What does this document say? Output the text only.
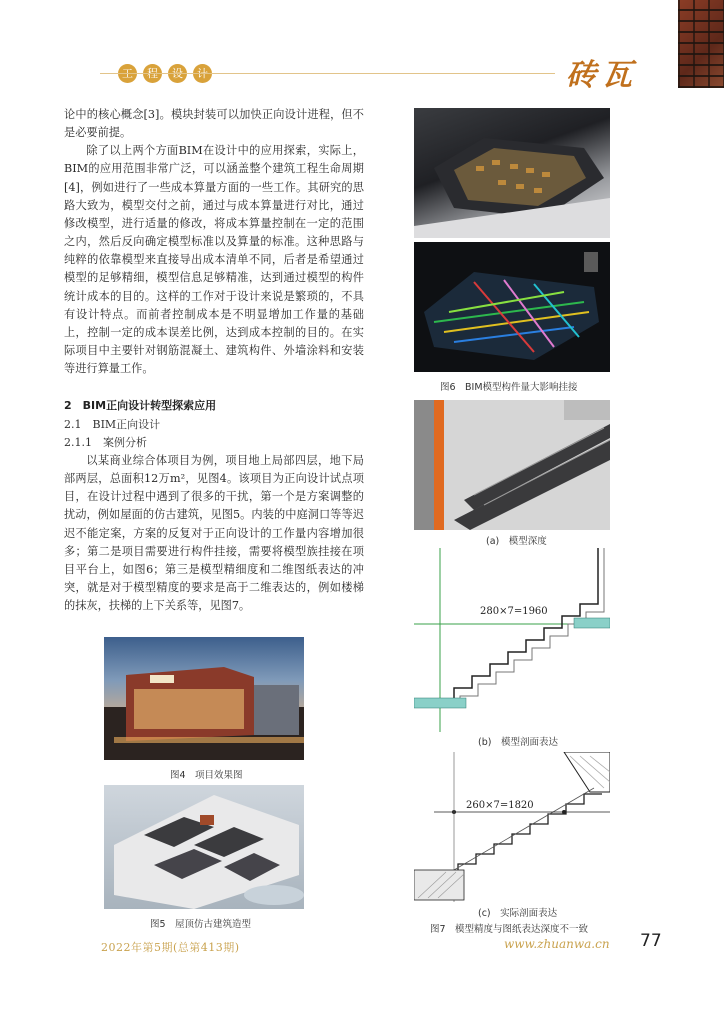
砖瓦

论中的核心概念[3]。模块封装可以加快正向设计进程，但不是必要前提。

除了以上两个方面BIM在设计中的应用探索，实际上，BIM的应用范围非常广泛，可以涵盖整个建筑工程生命周期[4]，例如进行了一些成本算量方面的一些工作。其研究的思路大致为，模型交付之前，通过与成本算量进行对比，通过修改模型，进行适量的修改，将成本算量控制在一定的范围之内，然后反向确定模型标准以及算量的标准。这种思路与纯粹的依靠模型来直接导出成本清单不同，后者是希望通过模型的足够精细，模型信息足够精准，达到通过模型的构件统计成本的目的。这样的工作对于设计来说是繁琐的，不具有设计特点。而前者控制成本是不明显增加工作量的基础上，控制一定的成本误差比例，达到成本控制的目的。在实际项目中主要针对钢筋混凝土、建筑构件、外墙涂料和安装等进行算量工作。

2　BIM正向设计转型探索应用
2.1　BIM正向设计
2.1.1　案例分析

以某商业综合体项目为例，项目地上局部四层，地下局部两层，总面积12万m²，见图4。该项目为正向设计试点项目，在设计过程中遇到了很多的干扰，第一个是方案调整的扰动，例如屋面的仿古建筑，见图5。内装的中庭洞口等等迟迟不能定案，方案的反复对于正向设计的工作量内容增加很多；第二是项目需要进行构件挂接，需要将模型族挂接在项目平台上，如图6；第三是模型精细度和二维图纸表达的冲突，就是对于模型精度的要求是高于二维表达的，例如楼梯的抹灰，扶梯的上下关系等，见图7。

图4　项目效果图
图5　屋顶仿古建筑造型
图6　BIM模型构件量大影响挂接
(a)　模型深度
280×7=1960
(b)　模型剖面表达
260×7=1820
(c)　实际剖面表达
图7　模型精度与图纸表达深度不一致
2022年第5期(总第413期)	www.zhuanwa.cn 77
